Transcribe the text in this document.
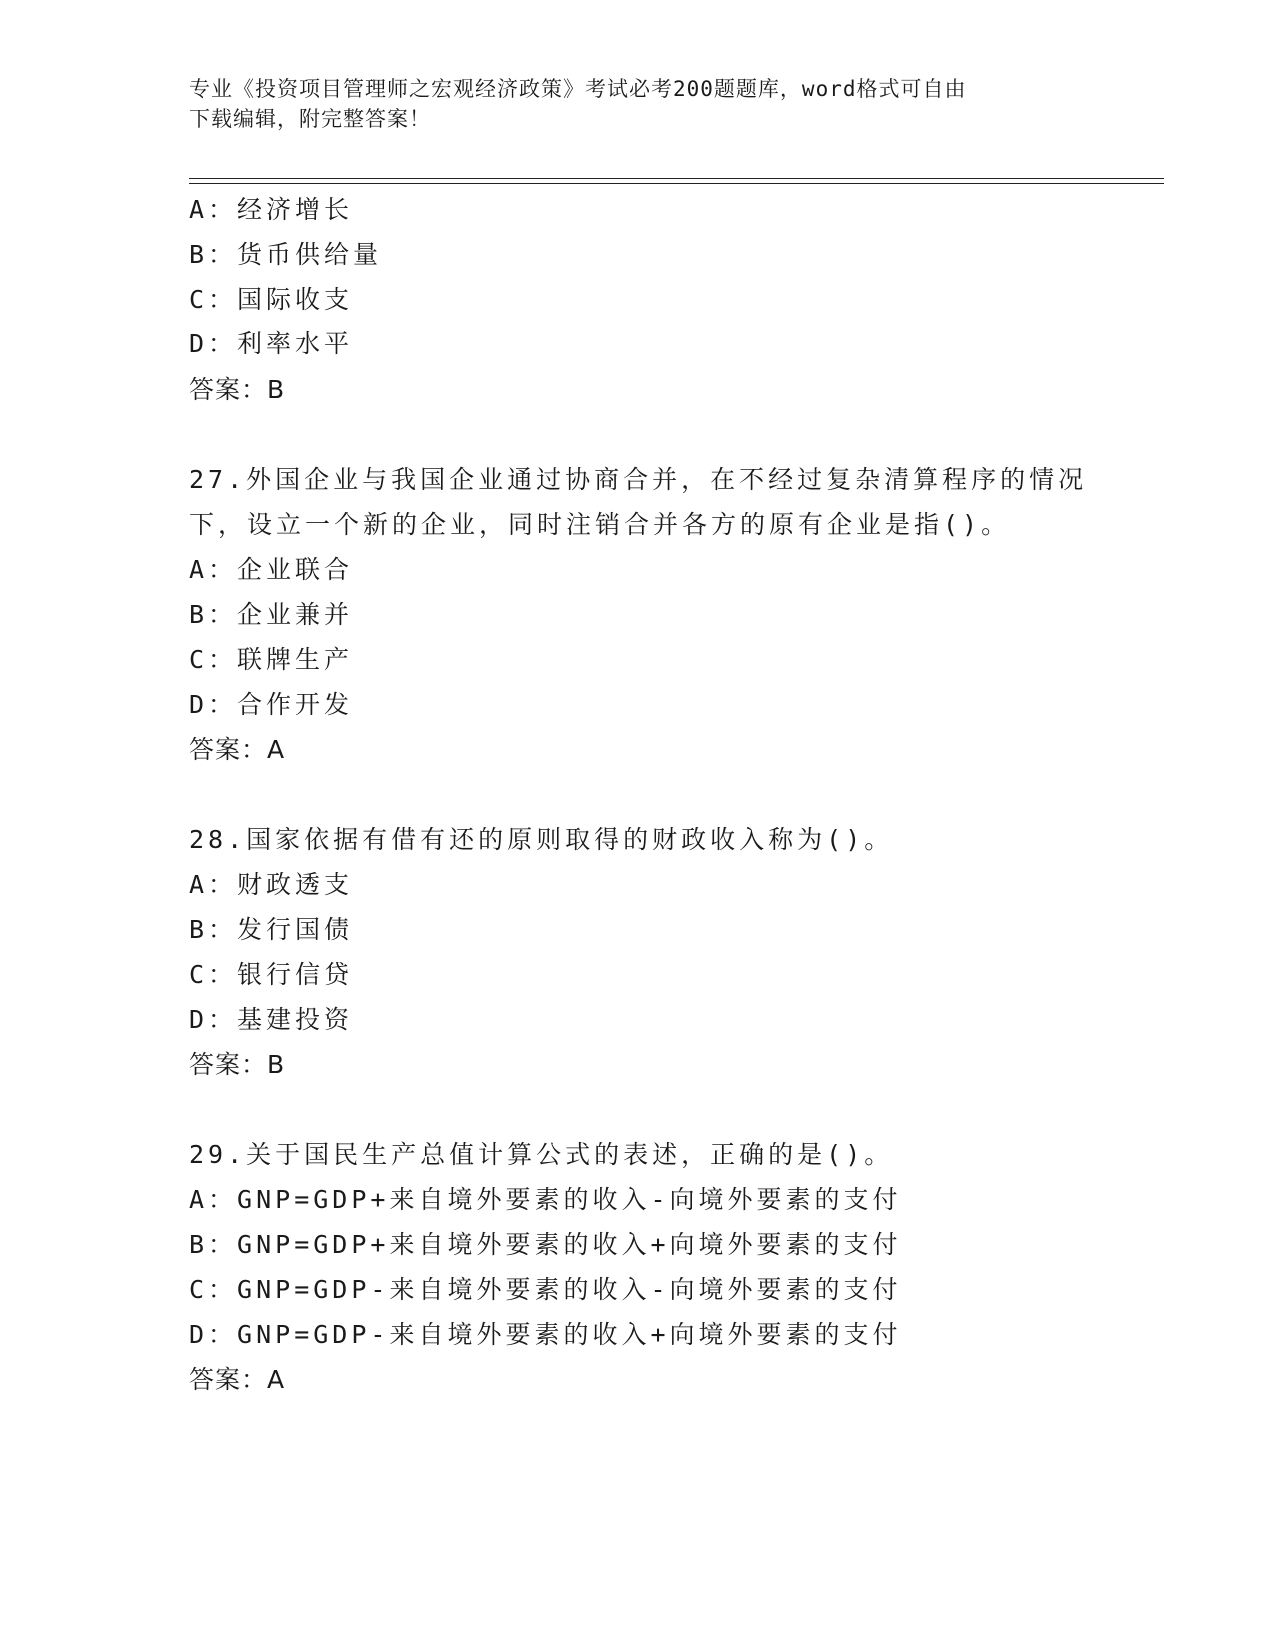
专业《投资项目管理师之宏观经济政策》考试必考200题题库，word格式可自由
下载编辑，附完整答案！
A：经济增长
B：货币供给量
C：国际收支
D：利率水平
答案：B
27.外国企业与我国企业通过协商合并，在不经过复杂清算程序的情况
下，设立一个新的企业，同时注销合并各方的原有企业是指()。
A：企业联合
B：企业兼并
C：联牌生产
D：合作开发
答案：A
28.国家依据有借有还的原则取得的财政收入称为()。
A：财政透支
B：发行国债
C：银行信贷
D：基建投资
答案：B
29.关于国民生产总值计算公式的表述，正确的是()。
A：GNP=GDP+来自境外要素的收入-向境外要素的支付
B：GNP=GDP+来自境外要素的收入+向境外要素的支付
C：GNP=GDP-来自境外要素的收入-向境外要素的支付
D：GNP=GDP-来自境外要素的收入+向境外要素的支付
答案：A
